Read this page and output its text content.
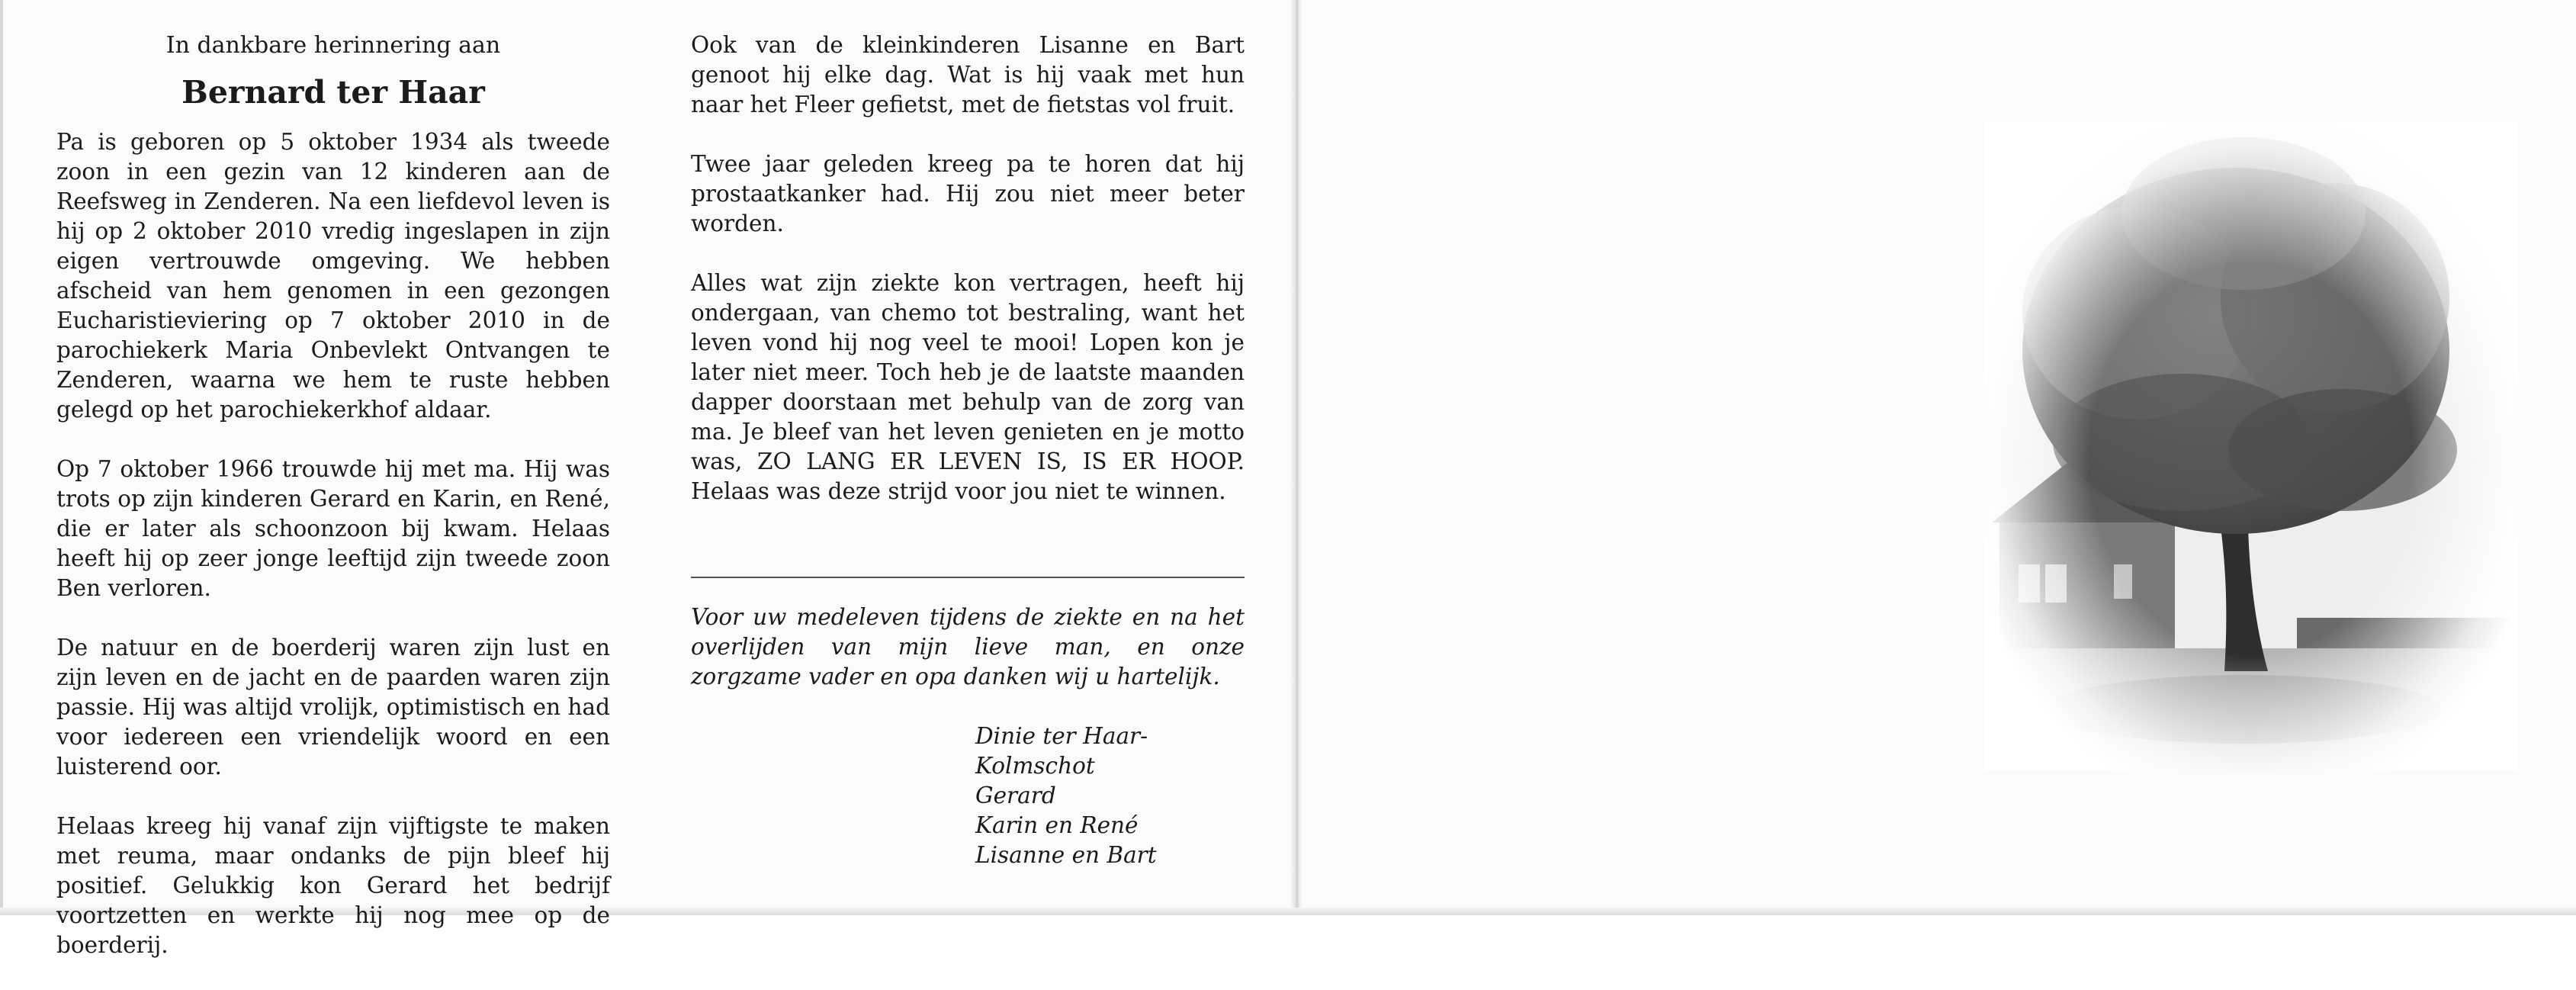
In dankbare herinnering aan
Bernard ter Haar

Pa is geboren op 5 oktober 1934 als tweede zoon in een gezin van 12 kinderen aan de Reefsweg in Zenderen. Na een liefdevol leven is hij op 2 oktober 2010 vredig ingeslapen in zijn eigen vertrouwde omgeving. We hebben afscheid van hem genomen in een gezongen Eucharistieviering op 7 oktober 2010 in de parochiekerk Maria Onbevlekt Ontvangen te Zenderen, waarna we hem te ruste hebben gelegd op het parochiekerkhof aldaar.

Op 7 oktober 1966 trouwde hij met ma. Hij was trots op zijn kinderen Gerard en Karin, en René, die er later als schoonzoon bij kwam. Helaas heeft hij op zeer jonge leeftijd zijn tweede zoon Ben verloren.

De natuur en de boerderij waren zijn lust en zijn leven en de jacht en de paarden waren zijn passie. Hij was altijd vrolijk, optimistisch en had voor iedereen een vriendelijk woord en een luisterend oor.

Helaas kreeg hij vanaf zijn vijftigste te maken met reuma, maar ondanks de pijn bleef hij positief. Gelukkig kon Gerard het bedrijf voortzetten en werkte hij nog mee op de boerderij.

Ook van de kleinkinderen Lisanne en Bart genoot hij elke dag. Wat is hij vaak met hun naar het Fleer gefietst, met de fietstas vol fruit.

Twee jaar geleden kreeg pa te horen dat hij prostaatkanker had. Hij zou niet meer beter worden.

Alles wat zijn ziekte kon vertragen, heeft hij ondergaan, van chemo tot bestraling, want het leven vond hij nog veel te mooi! Lopen kon je later niet meer. Toch heb je de laatste maanden dapper doorstaan met behulp van de zorg van ma. Je bleef van het leven genieten en je motto was, ZO LANG ER LEVEN IS, IS ER HOOP. Helaas was deze strijd voor jou niet te winnen.

Voor uw medeleven tijdens de ziekte en na het overlijden van mijn lieve man, en onze zorgzame vader en opa danken wij u hartelijk.

Dinie ter Haar-Kolmschot
Gerard
Karin en René
Lisanne en Bart
